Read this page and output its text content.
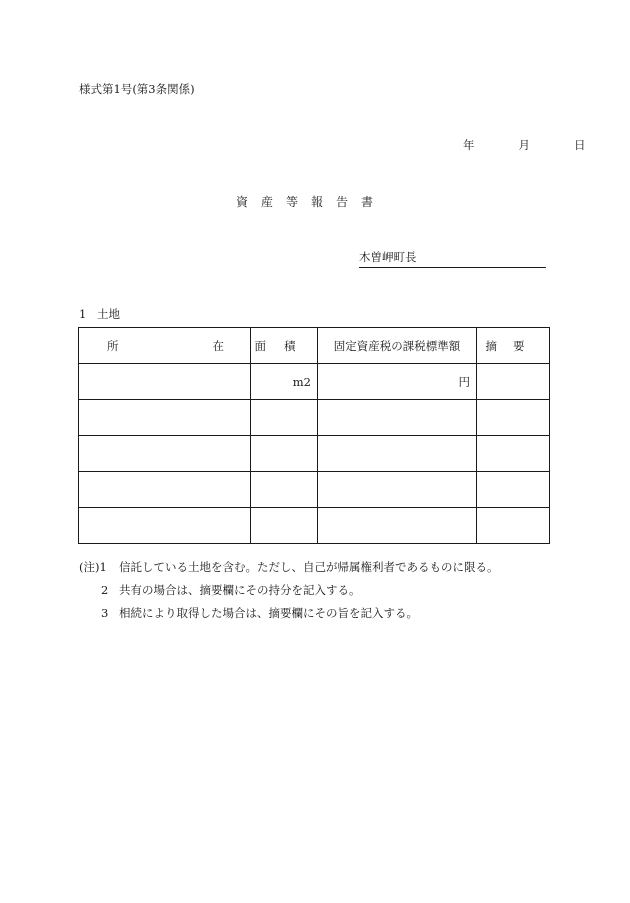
様式第1号(第3条関係)
年	月	日
資産等報告書
木曽岬町長
1 土地
所 在	面積	固定資産税の課税標準額	摘要
	m2	円	

(注)1	信託している土地を含む。ただし、自己が帰属権利者であるものに限る。
2 共有の場合は、摘要欄にその持分を記入する。
3 相続により取得した場合は、摘要欄にその旨を記入する。
